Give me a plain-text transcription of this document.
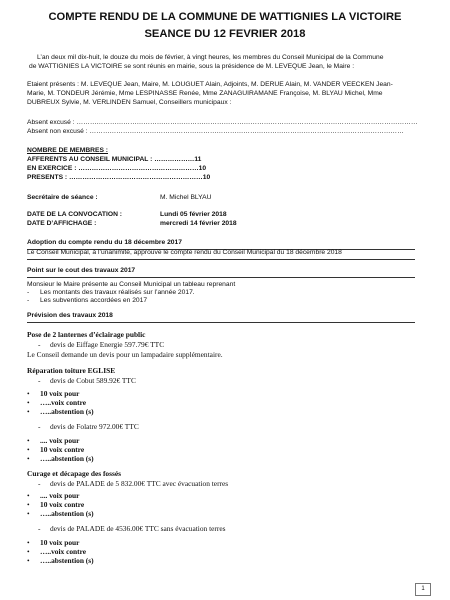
COMPTE RENDU DE LA COMMUNE DE WATTIGNIES LA VICTOIRE
SEANCE DU 12 FEVRIER 2018
L’an deux mil dix-huit, le douze du mois de février, à vingt heures, les membres du Conseil Municipal de la Commune
de WATTIGNIES LA VICTOIRE se sont réunis en mairie, sous la présidence de M. LEVEQUE Jean, le Maire :
Etaient présents : M. LEVEQUE Jean, Maire, M. LOUGUET Alain, Adjoints, M. DERUE Alain, M. VANDER VEECKEN Jean-
Marie, M. TONDEUR Jérémie, Mme LESPINASSE Renée, Mme ZANAGUIRAMANE Françoise, M. BLYAU Michel, Mme
DUBREUX Sylvie, M. VERLINDEN Samuel, Conseillers municipaux :
Absent excusé : ………………………………………………………………………………………………………………………………………
Absent non excusé : ……………………………………………………………………………………………………………………………
NOMBRE DE MEMBRES :
AFFERENTS AU CONSEIL MUNICIPAL : ………………11
EN EXERCICE : ………………………………………………10
PRESENTS : ……………………………………………………10
Secrétaire de séance :	M. Michel BLYAU
DATE DE LA CONVOCATION :	Lundi 05 février 2018
DATE D’AFFICHAGE :	mercredi 14 février 2018
Adoption du compte rendu du 18 décembre 2017
Le Conseil Municipal, à l’unanimité, approuve le compte rendu du Conseil Municipal du 18 décembre 2018
Point sur le cout des travaux 2017
Monsieur le Maire présente au Conseil Municipal un tableau reprenant
- Les montants des travaux réalisés sur l’année 2017.
- Les subventions accordées en 2017
Prévision des travaux 2018
Pose de 2 lanternes d’éclairage public
- devis de Eiffage Energie 597.79€ TTC
Le Conseil demande un devis pour un lampadaire supplémentaire.
Réparation toiture EGLISE
- devis de Cobut 589.92€ TTC
• 10 voix pour
• …..voix contre
• …..abstention (s)
- devis de Folatre 972.00€ TTC
• .... voix pour
• 10 voix contre
• …..abstention (s)
Curage et décapage des fossés
- devis de PALADE de 5 832.00€ TTC avec évacuation terres
• .... voix pour
• 10 voix contre
• …..abstention (s)
- devis de PALADE de 4536.00€ TTC sans évacuation terres
• 10 voix pour
• …..voix contre
• …..abstention (s)
1
